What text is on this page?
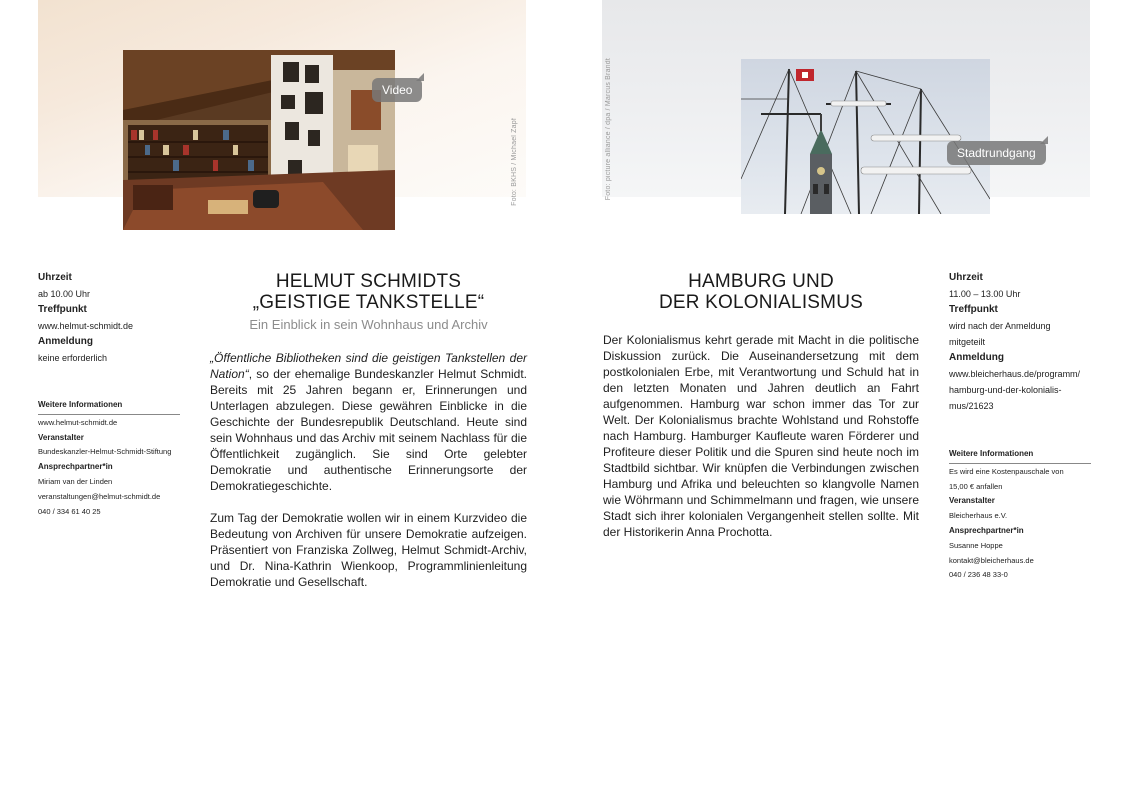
Foto: BKHS / Michael Zapf
Video
Uhrzeit
ab 10.00 Uhr
Treffpunkt
www.helmut-schmidt.de
Anmeldung
keine erforderlich
Weitere Informationen
www.helmut-schmidt.de
Veranstalter
Bundeskanzler-Helmut-Schmidt-Stiftung
Ansprechpartner*in
Miriam van der Linden
veranstaltungen@helmut-schmidt.de
040 / 334 61 40 25
HELMUT SCHMIDTS
„GEISTIGE TANKSTELLE“
Ein Einblick in sein Wohnhaus und Archiv

„Öffentliche Bibliotheken sind die geistigen Tankstellen der Nation“, so der ehemalige Bundeskanzler Helmut Schmidt. Bereits mit 25 Jahren begann er, Erinnerungen und Unterlagen abzulegen. Diese gewähren Einblicke in die Geschichte der Bundesrepublik Deutschland. Heute sind sein Wohnhaus und das Archiv mit seinem Nachlass für die Öffentlichkeit zugänglich. Sie sind Orte gelebter Demokratie und authentische Erinnerungsorte der Demokratiegeschichte.

Zum Tag der Demokratie wollen wir in einem Kurzvideo die Bedeutung von Archiven für unsere Demokratie aufzeigen. Präsentiert von Franziska Zollweg, Helmut Schmidt-Archiv, und Dr. Nina-Kathrin Wienkoop, Programmlinienleitung Demokratie und Gesellschaft.

Foto: picture alliance / dpa / Marcus Brandt	Stadtrundgang
HAMBURG UND
DER KOLONIALISMUS

Der Kolonialismus kehrt gerade mit Macht in die politische Diskussion zurück. Die Auseinandersetzung mit dem postkolonialen Erbe, mit Verantwortung und Schuld hat in den letzten Monaten und Jahren deutlich an Fahrt aufgenommen. Hamburg war schon immer das Tor zur Welt. Der Kolonialismus brachte Wohlstand und Rohstoffe nach Hamburg. Hamburger Kaufleute waren Förderer und Profiteure dieser Politik und die Spuren sind heute noch im Stadtbild sichtbar. Wir knüpfen die Verbindungen zwischen Hamburg und Afrika und beleuchten so klangvolle Namen wie Wöhrmann und Schimmelmann und fragen, wie unsere Stadt sich ihrer kolonialen Vergangenheit stellen sollte. Mit der Historikerin Anna Prochotta.

Uhrzeit
11.00 – 13.00 Uhr
Treffpunkt
wird nach der Anmeldung
mitgeteilt
Anmeldung
www.bleicherhaus.de/programm/
hamburg-und-der-kolonialis-
mus/21623
Weitere Informationen
Es wird eine Kostenpauschale von
15,00 € anfallen
Veranstalter
Bleicherhaus e.V.
Ansprechpartner*in
Susanne Hoppe
kontakt@bleicherhaus.de
040 / 236 48 33-0
